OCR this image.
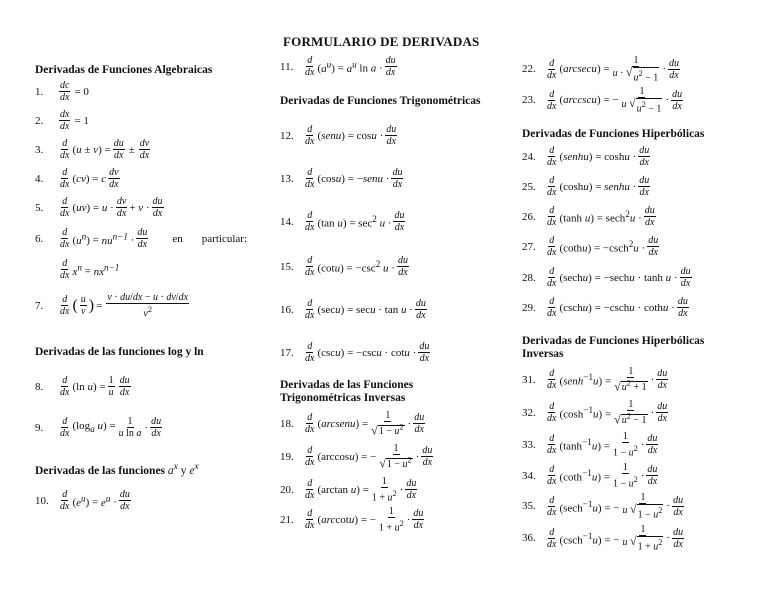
FORMULARIO DE DERIVADAS
Derivadas de Funciones Algebraicas
1.	$\frac{dc}{dx} = 0$
2.	$\frac{dx}{dx} = 1$
3.	d
dx $(u \pm v) = \frac{du}{dx} \pm \frac{dv}{dx}$
4.	d
dx (cv) = c dv
dx
5.	d
dx (uv) = u · dv
dx + v · du
dx
6.	d
dx $(u^n) = nu^{n-1}$ ·
du
dx en particular:
d
dx $x^n = nx^{n-1}$
7.	d
dx ( u
v ) = $\frac{v \cdot du/dx - u \cdot dv/dx}{v^2}$
Derivadas de las funciones log y ln
8.	d
dx (ln $u) = \frac{1}{u}$ du
dx
9.	d
dx
($\log_a$ $u) = \frac{1}{\text{u ln a}}$ · du
dx
Derivadas de las funciones $a^x$ y $e^x$
10.	d
dx $(e^u) = e^u$ ·
du
dx
11.	d
dx $(a^u) = a^u$ ln a ·
du
dx
Derivadas de Funciones Trigonométricas
12.	d
dx (senu) = cosu · du
dx
13.	d
dx (cosu) = −senu · du
dx
14.	d
dx (tan $u) = \sec^2 u$ ·
du
dx
15.	d
dx $(\cot u) = -\csc^2$ u ·
du
dx
16.	d
dx (secu) = secu · tan u · du
dx
17.	d
dx (cscu) = −cscu · cotu · du
dx
Derivadas de las Funciones
Trigonométricas Inversas
18.	d
dx (arcsenu) = $\frac{1}{√1 - u^2}$ · du
dx
19.	d
dx (arccosu) = − $\frac{1}{√1 - u^2}$ · du
dx
20.	d
dx (arctan $u) = \frac{1}{1 + u^2}$ · du
dx
21.	d
dx (arccotu) = − $\frac{1}{1 + u^2}$ · du
dx
22.	d
dx $(arcsecu) = \frac{1}{u \cdot √ u^2 - 1}$ · du
dx
23.	d
dx (arccscu) = − $\frac{1}{u √ u^2 - 1}$ · du
dx
Derivadas de Funciones Hiperbólicas
24.	d
dx (senhu) = coshu · du
dx
25.	d
dx (coshu) = senhu · du
dx
26.	d
dx (tanh u) = sech$^2$u ·
du
dx
27.	d
dx (cothu) = −csch$^2$u ·
du
dx
28.	d
dx (sechu) = −sechu · tanh u · du
dx
29.	d
dx (cschu) = −cschu · cothu · du
dx
Derivadas de Funciones Hiperbólicas
Inversas
31.	d
dx (senh$^{-1}$u) = $\frac{1}{√u^2 + 1}$ · du
dx
32.	d
dx $(\cosh^{-1}u) = \frac{1}{√u^2 - 1}$ · du
dx
33.	d
dx $(\tanh^{-1}u) = \frac{1}{1 - u^2}$ · du
dx
34.	d
dx $(\cot h^{-1}u) = \frac{1}{1 - u^2}$ · du
dx
35.	d
dx (sech$^{-1}$u) = − $\frac{1}{u √ 1 - u^2}$ · du
dx
36.	d
dx (csch$^{-1}$u) = − $\frac{1}{u √ 1 + u^2}$ · du
dx
